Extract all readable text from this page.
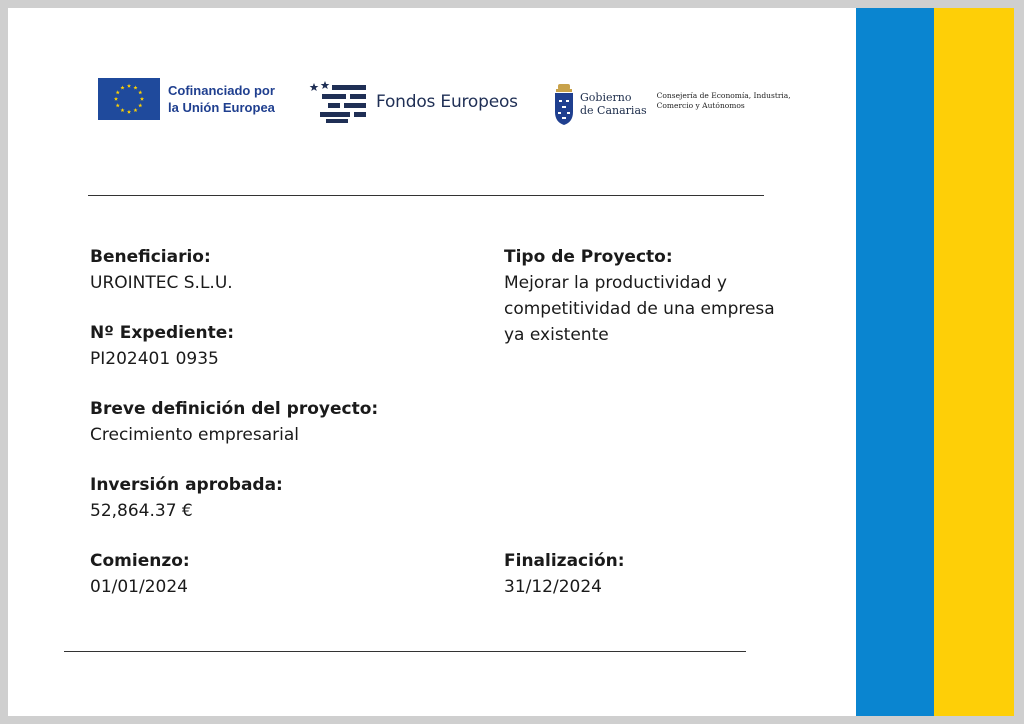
Cofinanciado por
la Unión Europea	Fondos Europeos	Gobierno
de Canarias
Consejería de Economía, Industria,
Comercio y Autónomos
Beneficiario:
UROINTEC S.L.U.
Nº Expediente:
PI202401 0935
Breve definición del proyecto:
Crecimiento empresarial
Inversión aprobada:
52,864.37 €
Comienzo:
01/01/2024
Tipo de Proyecto:
Mejorar la productividad y competitividad de una empresa ya existente
Finalización:
31/12/2024
